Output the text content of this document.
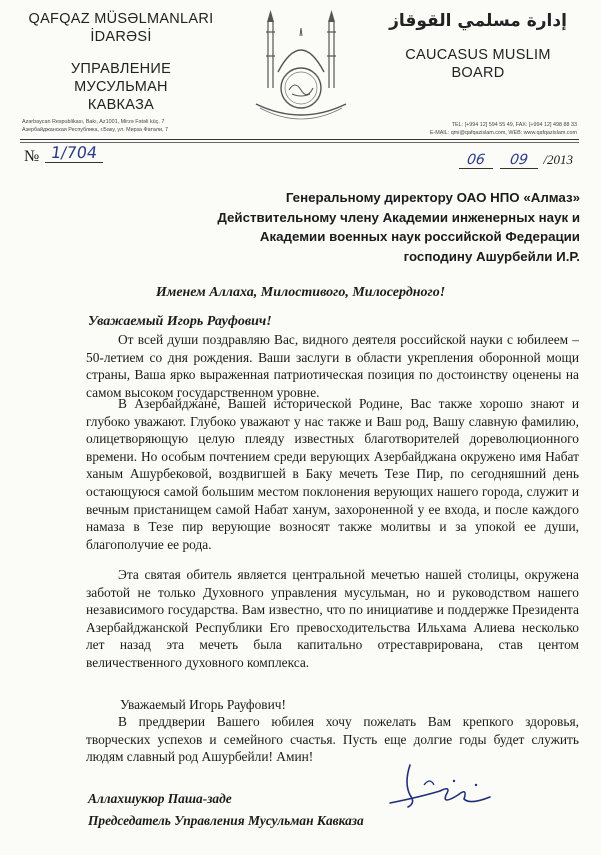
QAFQAZ MÜSƏLMANLARI
İDARƏSİ
УПРАВЛЕНИЕ МУСУЛЬМАН
КАВКАЗА
إدارة مسلمي القوقاز
CAUCASUS MUSLIM
BOARD
Azərbaycan Respublikası, Bakı, Az1001, Mirzə Fətəli küç. 7
Азербайджанская Республика, г.Баку, ул. Мирза Фатали, 7
TEL: [+994 12] 594 55 49, FAX: [+994 12] 498 88 33
E-MAIL: qmi@qafqazislam.com, WEB: www.qafqazislam.com
№ 1/704	06 09 /2013
Генеральному директору ОАО НПО «Алмаз»
Действительному члену Академии инженерных наук и
Академии военных наук российской Федерации
господину Ашурбейли И.Р.
Именем Аллаха, Милостивого, Милосердного!
Уважаемый Игорь Рауфович!

От всей души поздравляю Вас, видного деятеля российской науки с юбилеем – 50-летием со дня рождения. Ваши заслуги в области укрепления оборонной мощи страны, Ваша ярко выраженная патриотическая позиция по достоинству оценены на самом высоком государственном уровне.

В Азербайджане, Вашей исторической Родине, Вас также хорошо знают и глубоко уважают. Глубоко уважают у нас также и Ваш род, Вашу славную фамилию, олицетворяющую целую плеяду известных благотворителей дореволюционного времени. Но особым почтением среди верующих Азербайджана окружено имя Набат ханым Ашурбековой, воздвигшей в Баку мечеть Тезе Пир, по сегодняшний день остающуюся самой большим местом поклонения верующих нашего города, служит и вечным пристанищем самой Набат ханум, захороненной у ее входа, и после каждого намаза в Тезе пир верующие возносят также молитвы и за упокой ее души, благополучие ее рода.

Эта святая обитель является центральной мечетью нашей столицы, окружена заботой не только Духовного управления мусульман, но и руководством нашего независимого государства. Вам известно, что по инициативе и поддержке Президента Азербайджанской Республики Его превосходительства Ильхама Алиева несколько лет назад эта мечеть была капитально отреставрирована, став центом величественного духовного комплекса.

Уважаемый Игорь Рауфович!

В преддверии Вашего юбилея хочу пожелать Вам крепкого здоровья, творческих успехов и семейного счастья. Пусть еще долгие годы будет служить людям славный род Ашурбейли! Амин!

Аллахшукюр Паша-заде
Председатель Управления Мусульман Кавказа
